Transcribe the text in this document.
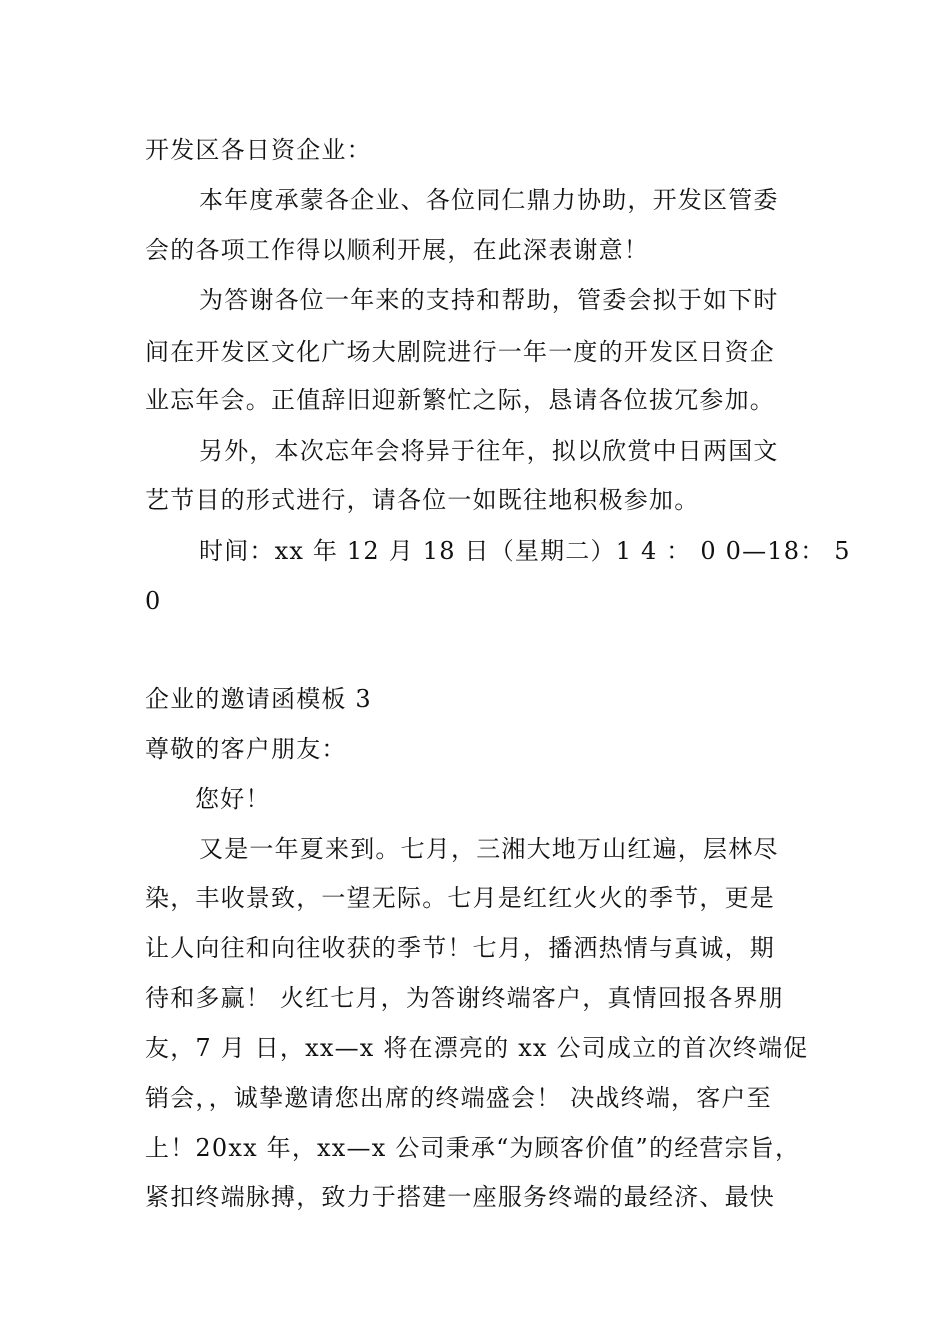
开发区各日资企业：
本年度承蒙各企业、各位同仁鼎力协助，开发区管委
会的各项工作得以顺利开展，在此深表谢意！
为答谢各位一年来的支持和帮助，管委会拟于如下时
间在开发区文化广场大剧院进行一年一度的开发区日资企
业忘年会。正值辞旧迎新繁忙之际，恳请各位拔冗参加。
另外，本次忘年会将异于往年，拟以欣赏中日两国文
艺节目的形式进行，请各位一如既往地积极参加。
时间：xx 年 12 月 18 日（星期二）1 4 ： 0 0—18： 5
0
企业的邀请函模板 3
尊敬的客户朋友：
您好！
又是一年夏来到。七月，三湘大地万山红遍，层林尽
染，丰收景致，一望无际。七月是红红火火的季节，更是
让人向往和向往收获的季节！七月，播洒热情与真诚，期
待和多赢！ 火红七月，为答谢终端客户，真情回报各界朋
友，7 月 日，xx—x 将在漂亮的 xx 公司成立的首次终端促
销会，，诚挚邀请您出席的终端盛会！ 决战终端，客户至
上！20xx 年，xx—x 公司秉承“为顾客价值”的经营宗旨，
紧扣终端脉搏，致力于搭建一座服务终端的最经济、最快
